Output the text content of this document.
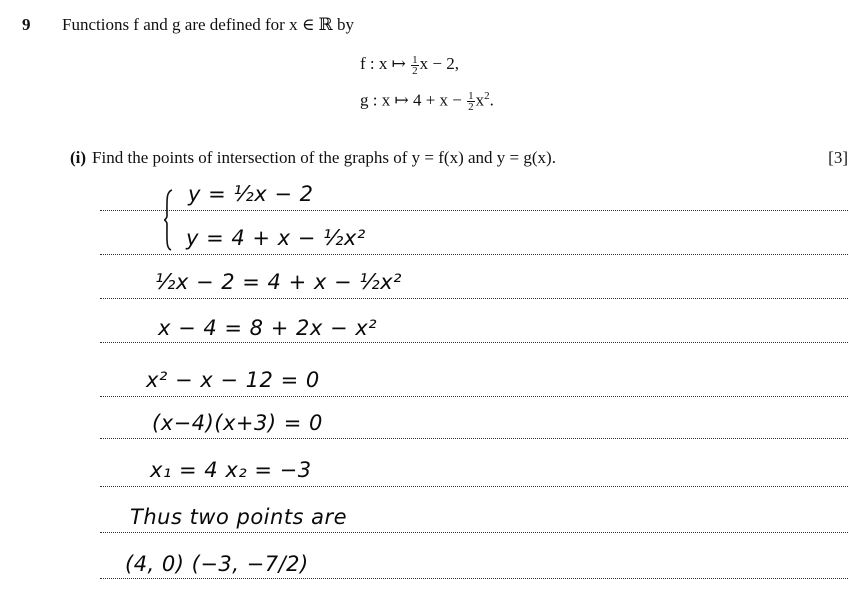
9 Functions f and g are defined for x ∈ ℝ by
f : x ↦ $\frac{1}{2}$ x − 2,
g : x ↦ $4 + x - \frac{1}{2} x^2$.
(i) Find the points of intersection of the graphs of y = f(x) and y = g(x).	[3]
y = ½x − 2
y = 4 + x − ½x²
½x − 2 = 4 + x − ½x²
x − 4 = 8 + 2x − x²
x² − x − 12 = 0
(x−4)(x+3) = 0
x₁ = 4 x₂ = −3
Thus two points are
(4, 0) (−3, −7/2)
